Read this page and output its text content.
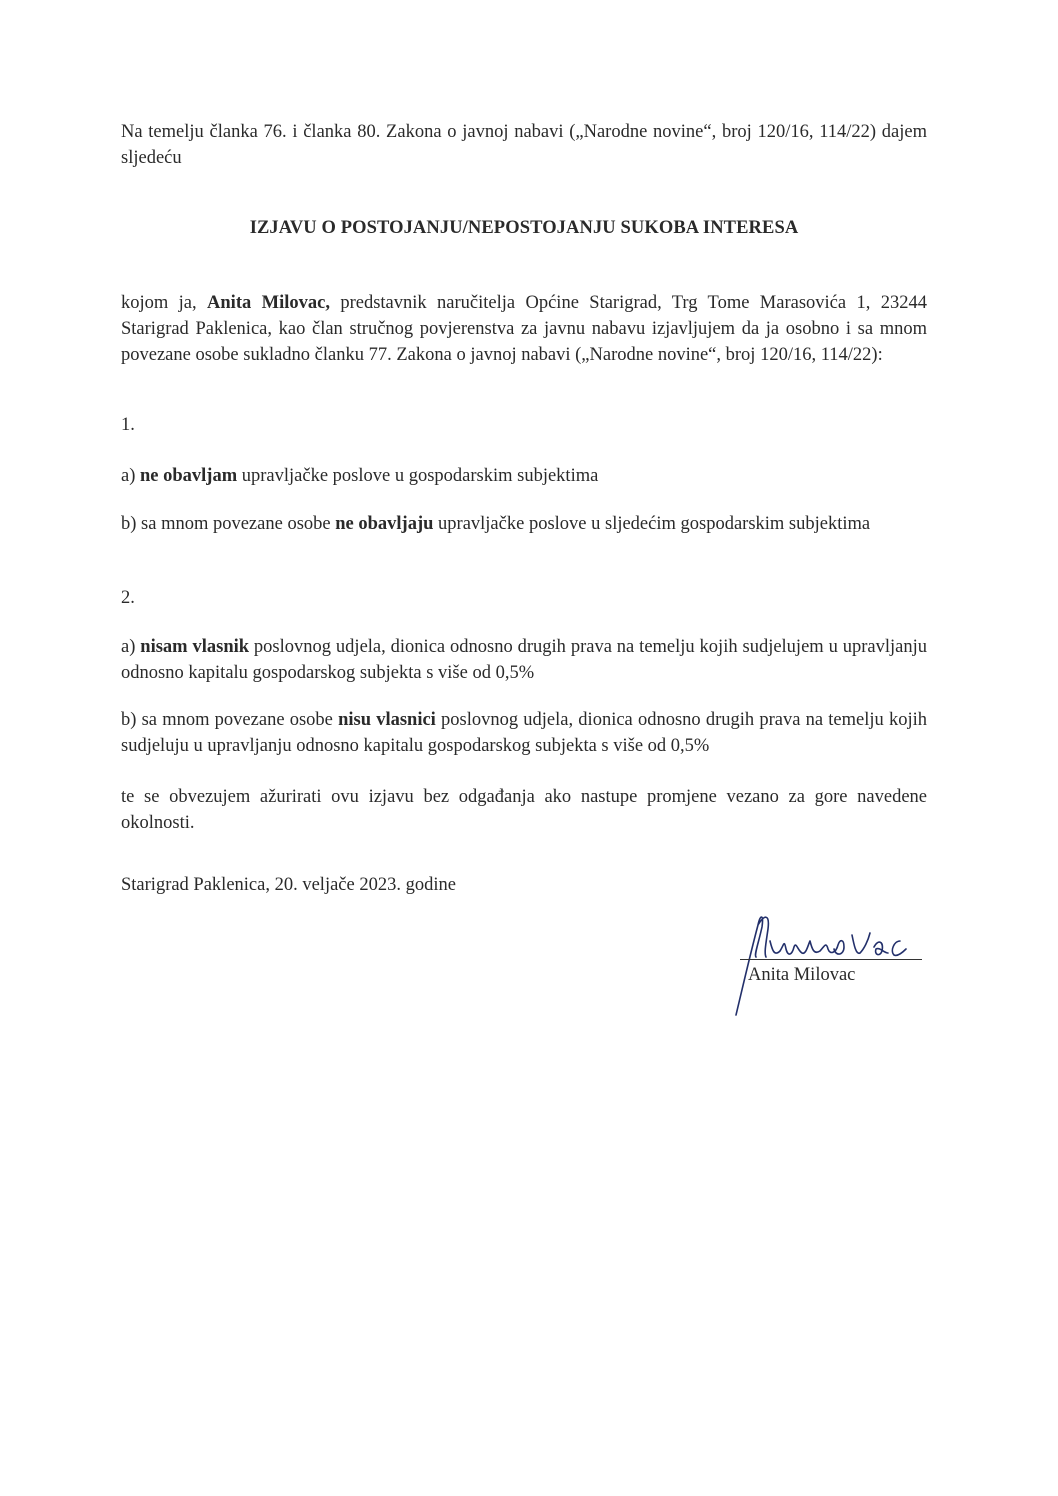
Na temelju članka 76. i članka 80. Zakona o javnoj nabavi („Narodne novine“, broj 120/16, 114/22) dajem sljedeću

IZJAVU O POSTOJANJU/NEPOSTOJANJU SUKOBA INTERESA

kojom ja, Anita Milovac, predstavnik naručitelja Općine Starigrad, Trg Tome Marasovića 1, 23244 Starigrad Paklenica, kao član stručnog povjerenstva za javnu nabavu izjavljujem da ja osobno i sa mnom povezane osobe sukladno članku 77. Zakona o javnoj nabavi („Narodne novine“, broj 120/16, 114/22):

1.

a) ne obavljam upravljačke poslove u gospodarskim subjektima

b) sa mnom povezane osobe ne obavljaju upravljačke poslove u sljedećim gospodarskim subjektima

2.

a) nisam vlasnik poslovnog udjela, dionica odnosno drugih prava na temelju kojih sudjelujem u upravljanju odnosno kapitalu gospodarskog subjekta s više od 0,5%

b) sa mnom povezane osobe nisu vlasnici poslovnog udjela, dionica odnosno drugih prava na temelju kojih sudjeluju u upravljanju odnosno kapitalu gospodarskog subjekta s više od 0,5%

te se obvezujem ažurirati ovu izjavu bez odgađanja ako nastupe promjene vezano za gore navedene okolnosti.

Starigrad Paklenica, 20. veljače 2023. godine

Anita Milovac
